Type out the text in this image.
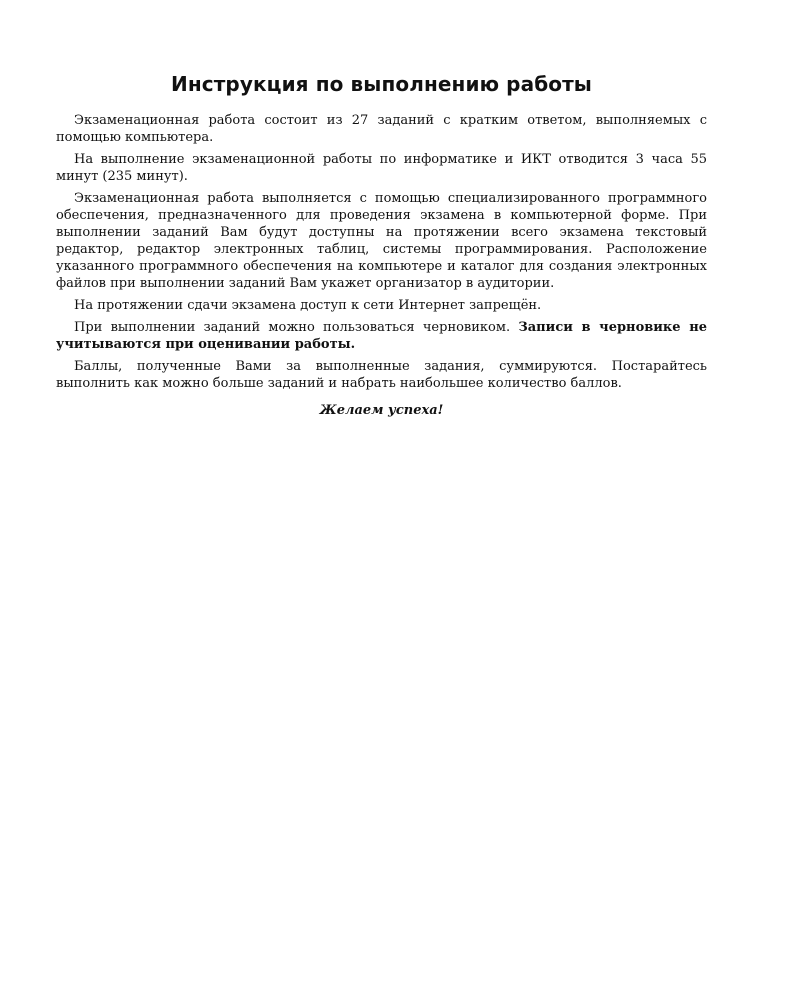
Инструкция по выполнению работы

Экзаменационная работа состоит из 27 заданий с кратким ответом, выполняемых с помощью компьютера.

На выполнение экзаменационной работы по информатике и ИКТ отводится 3 часа 55 минут (235 минут).

Экзаменационная работа выполняется с помощью специализированного программного обеспечения, предназначенного для проведения экзамена в компьютерной форме. При выполнении заданий Вам будут доступны на протяжении всего экзамена текстовый редактор, редактор электронных таблиц, системы программирования. Расположение указанного программного обеспечения на компьютере и каталог для создания электронных файлов при выполнении заданий Вам укажет организатор в аудитории.

На протяжении сдачи экзамена доступ к сети Интернет запрещён.

При выполнении заданий можно пользоваться черновиком. Записи в черновике не учитываются при оценивании работы.

Баллы, полученные Вами за выполненные задания, суммируются. Постарайтесь выполнить как можно больше заданий и набрать наибольшее количество баллов.

Желаем успеха!
